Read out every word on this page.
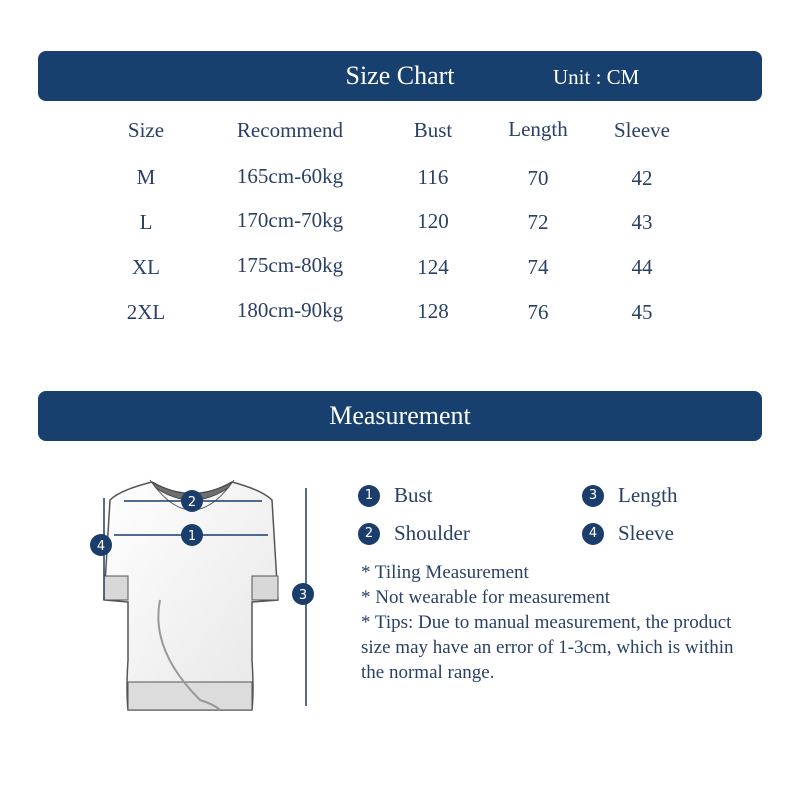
Size Chart	Unit : CM
Size	Recommend	Bust	Length	Sleeve
M	165cm-60kg	116	70	42
L	170cm-70kg	120	72	43
XL	175cm-80kg	124	74	44
2XL	180cm-90kg	128	76	45
Measurement
2
1
4
3
1 Bust	3 Length
2 Shoulder	4 Sleeve
* Tiling Measurement
* Not wearable for measurement
* Tips: Due to manual measurement, the product size may have an error of 1-3cm, which is within the normal range.
